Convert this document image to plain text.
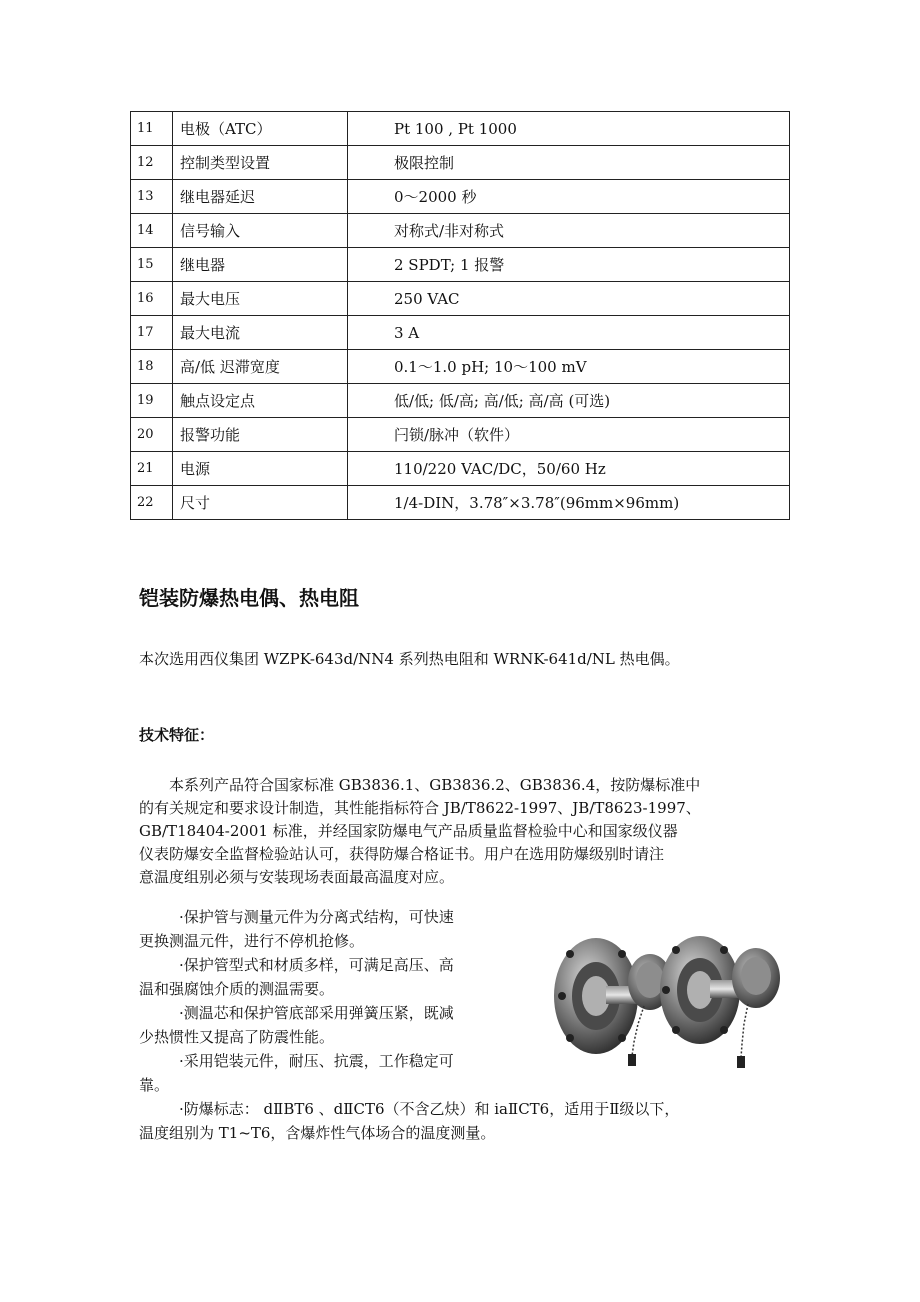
11	电极（ATC）	Pt 100 , Pt 1000
12	控制类型设置	极限控制
13	继电器延迟	0～2000 秒
14	信号输入	对称式/非对称式
15	继电器	2 SPDT; 1 报警
16	最大电压	250 VAC
17	最大电流	3 A
18	高/低 迟滞宽度	0.1～1.0 pH; 10～100 mV
19	触点设定点	低/低; 低/高; 高/低; 高/高 (可选)
20	报警功能	闩锁/脉冲（软件）
21	电源	110/220 VAC/DC，50/60 Hz
22	尺寸	1/4-DIN，3.78″×3.78″(96mm×96mm)
铠装防爆热电偶、热电阻

本次选用西仪集团 WZPK-643d/NN4 系列热电阻和 WRNK-641d/NL 热电偶。

技术特征：

　　本系列产品符合国家标准 GB3836.1、GB3836.2、GB3836.4，按防爆标准中
的有关规定和要求设计制造，其性能指标符合 JB/T8622-1997、JB/T8623-1997、
GB/T18404-2001 标准，并经国家防爆电气产品质量监督检验中心和国家级仪器
仪表防爆安全监督检验站认可，获得防爆合格证书。用户在选用防爆级别时请注
意温度组别必须与安装现场表面最高温度对应。

·保护管与测量元件为分离式结构，可快速
更换测温元件，进行不停机抢修。
·保护管型式和材质多样，可满足高压、高
温和强腐蚀介质的测温需要。
·测温芯和保护管底部采用弹簧压紧，既减
少热惯性又提高了防震性能。
·采用铠装元件，耐压、抗震，工作稳定可
靠。
·防爆标志： dⅡBT6 、dⅡCT6（不含乙炔）和 iaⅡCT6，适用于Ⅱ级以下，
温度组别为 T1~T6，含爆炸性气体场合的温度测量。
